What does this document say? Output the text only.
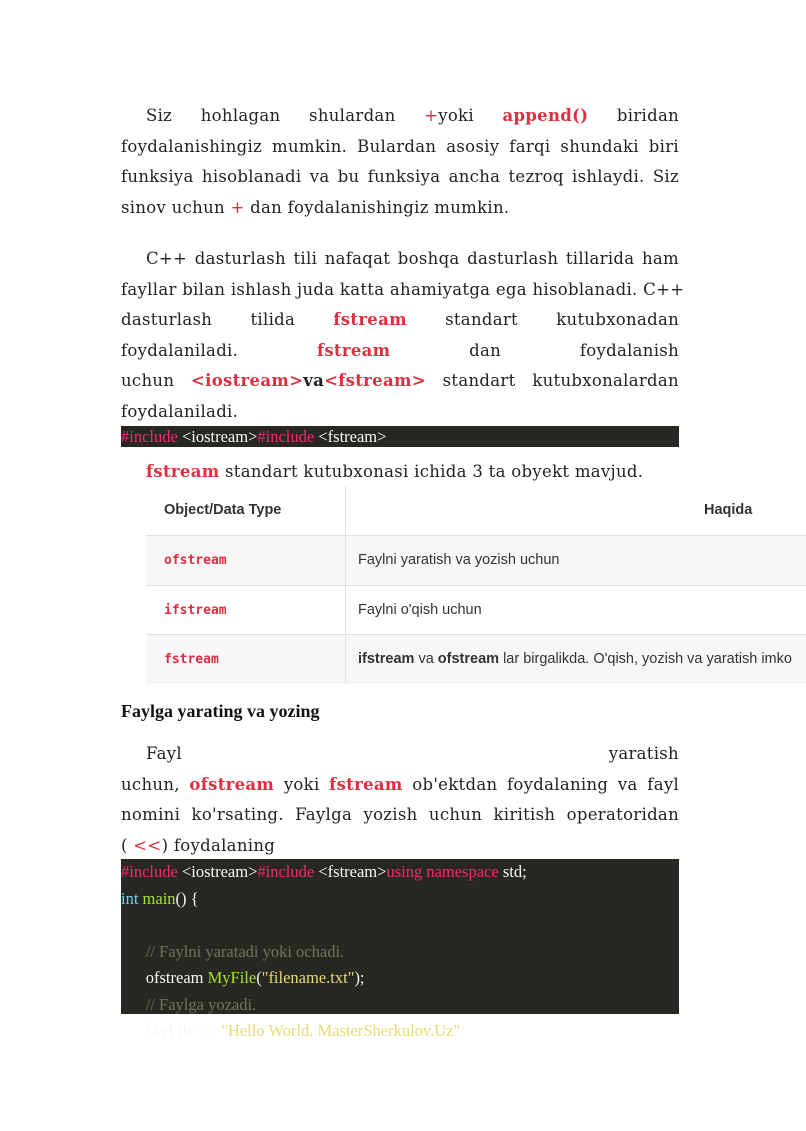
Siz hohlagan shulardan +yoki append() biridan
foydalanishingiz mumkin. Bulardan asosiy farqi shundaki biri
funksiya hisoblanadi va bu funksiya ancha tezroq ishlaydi. Siz
sinov uchun + dan foydalanishingiz mumkin.
C++ dasturlash tili nafaqat boshqa dasturlash tillarida ham
fayllar bilan ishlash juda katta ahamiyatga ega hisoblanadi. C++
dasturlash tilida fstream standart kutubxonadan
foydalaniladi.	fstream	dan	foydalanish
uchun <iostream>va<fstream> standart kutubxonalardan
foydalaniladi.
#include <iostream>#include <fstream>
fstream standart kutubxonasi ichida 3 ta obyekt mavjud.
Object/Data Type	Haqida
ofstream	Faylni yaratish va yozish uchun
ifstream	Faylni o'qish uchun
fstream	ifstream va ofstream lar birgalikda. O'qish, yozish va yaratish imko
Faylga yarating va yozing
Fayl	yaratish
uchun, ofstream yoki fstream ob'ektdan foydalaning va fayl
nomini ko'rsating. Faylga yozish uchun kiritish operatoridan
( <<) foydalaning
#include <iostream>#include <fstream>using namespace std;
int main() {

// Faylni yaratadi yoki ochadi.

ofstream MyFile("filename.txt");

// Faylga yozadi.

MyFile << "Hello World. MasterSherkulov.Uz";
